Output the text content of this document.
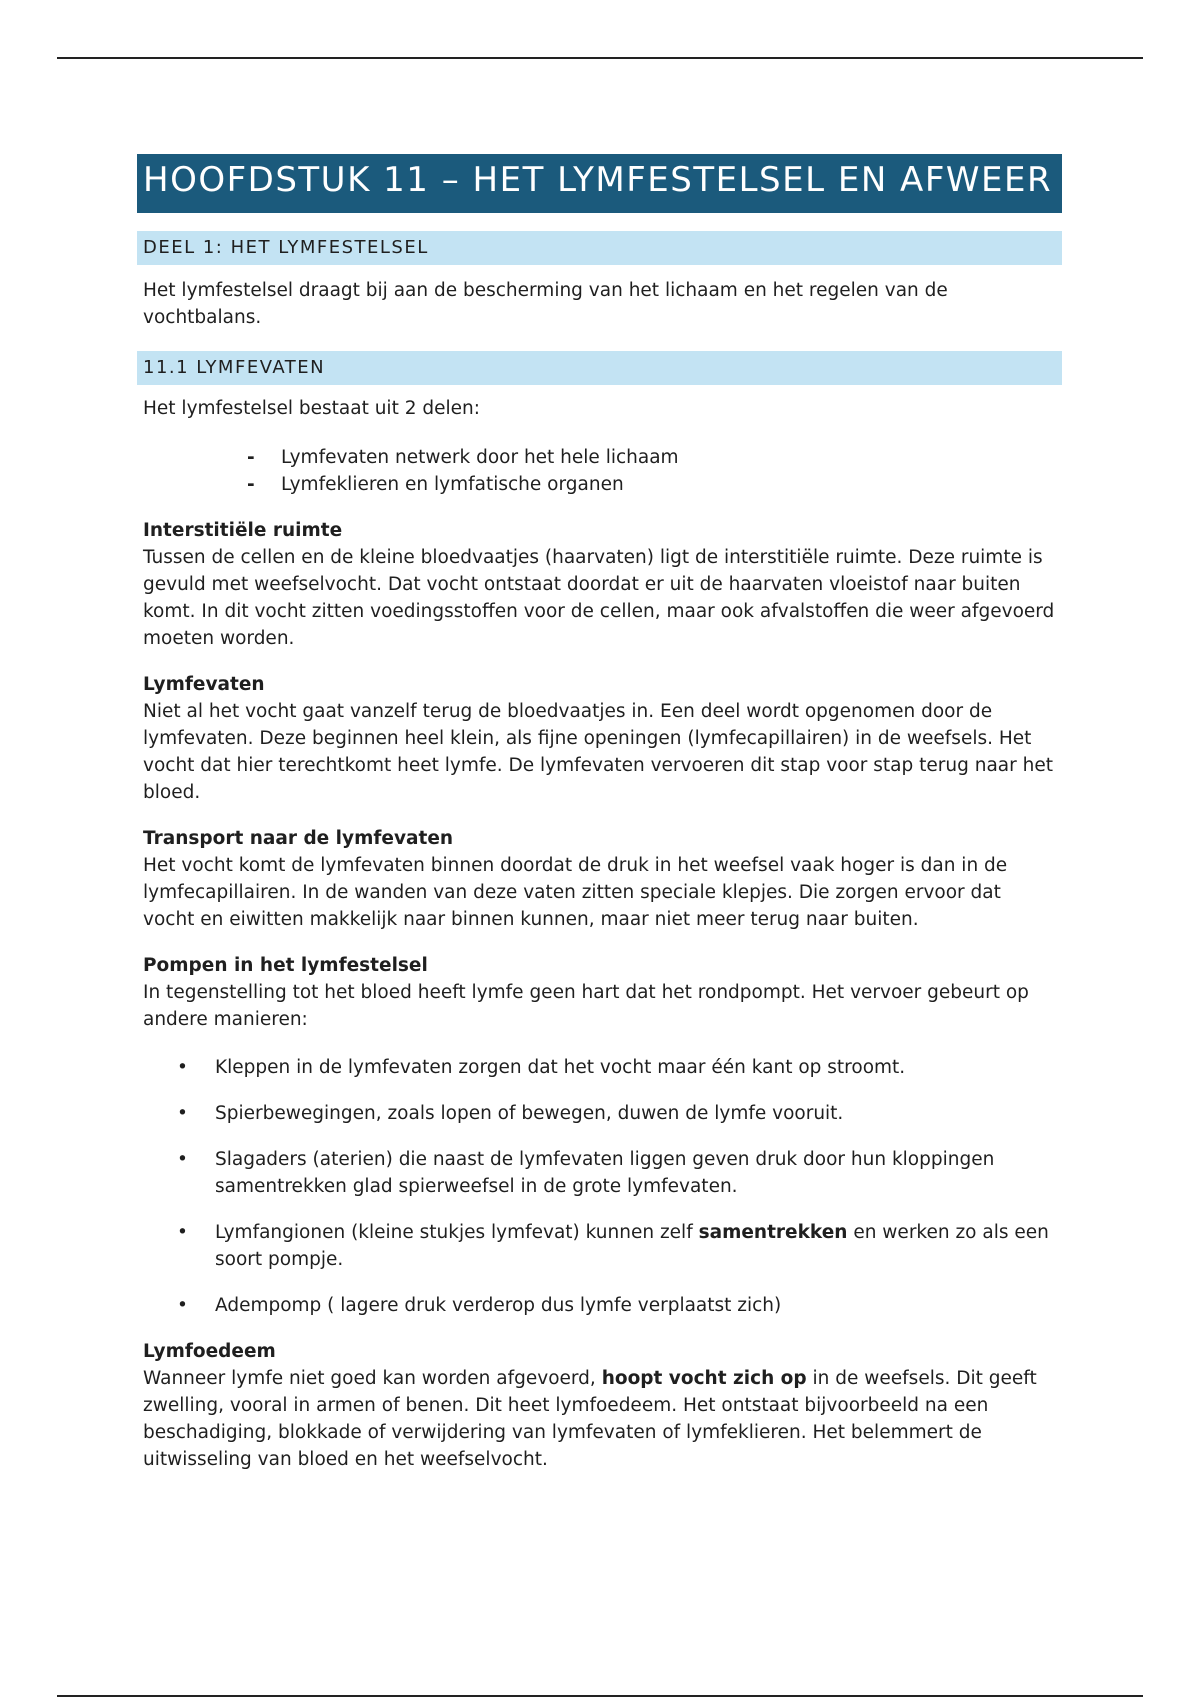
HOOFDSTUK 11 – HET LYMFESTELSEL EN AFWEER
DEEL 1: HET LYMFESTELSEL

Het lymfestelsel draagt bij aan de bescherming van het lichaam en het regelen van de vochtbalans.

11.1 LYMFEVATEN

Het lymfestelsel bestaat uit 2 delen:

- Lymfevaten netwerk door het hele lichaam
- Lymfeklieren en lymfatische organen
Interstitiële ruimte
Tussen de cellen en de kleine bloedvaatjes (haarvaten) ligt de interstitiële ruimte. Deze ruimte is gevuld met weefselvocht. Dat vocht ontstaat doordat er uit de haarvaten vloeistof naar buiten komt. In dit vocht zitten voedingsstoffen voor de cellen, maar ook afvalstoffen die weer afgevoerd moeten worden.
Lymfevaten
Niet al het vocht gaat vanzelf terug de bloedvaatjes in. Een deel wordt opgenomen door de lymfevaten. Deze beginnen heel klein, als fijne openingen (lymfecapillairen) in de weefsels. Het vocht dat hier terechtkomt heet lymfe. De lymfevaten vervoeren dit stap voor stap terug naar het bloed.
Transport naar de lymfevaten
Het vocht komt de lymfevaten binnen doordat de druk in het weefsel vaak hoger is dan in de lymfecapillairen. In de wanden van deze vaten zitten speciale klepjes. Die zorgen ervoor dat vocht en eiwitten makkelijk naar binnen kunnen, maar niet meer terug naar buiten.
Pompen in het lymfestelsel
In tegenstelling tot het bloed heeft lymfe geen hart dat het rondpompt. Het vervoer gebeurt op andere manieren:
• Kleppen in de lymfevaten zorgen dat het vocht maar één kant op stroomt.
• Spierbewegingen, zoals lopen of bewegen, duwen de lymfe vooruit.
• Slagaders (aterien) die naast de lymfevaten liggen geven druk door hun kloppingen samentrekken glad spierweefsel in de grote lymfevaten.
• Lymfangionen (kleine stukjes lymfevat) kunnen zelf samentrekken en werken zo als een soort pompje.
• Adempomp ( lagere druk verderop dus lymfe verplaatst zich)
Lymfoedeem
Wanneer lymfe niet goed kan worden afgevoerd, hoopt vocht zich op in de weefsels. Dit geeft zwelling, vooral in armen of benen. Dit heet lymfoedeem. Het ontstaat bijvoorbeeld na een beschadiging, blokkade of verwijdering van lymfevaten of lymfeklieren. Het belemmert de uitwisseling van bloed en het weefselvocht.
